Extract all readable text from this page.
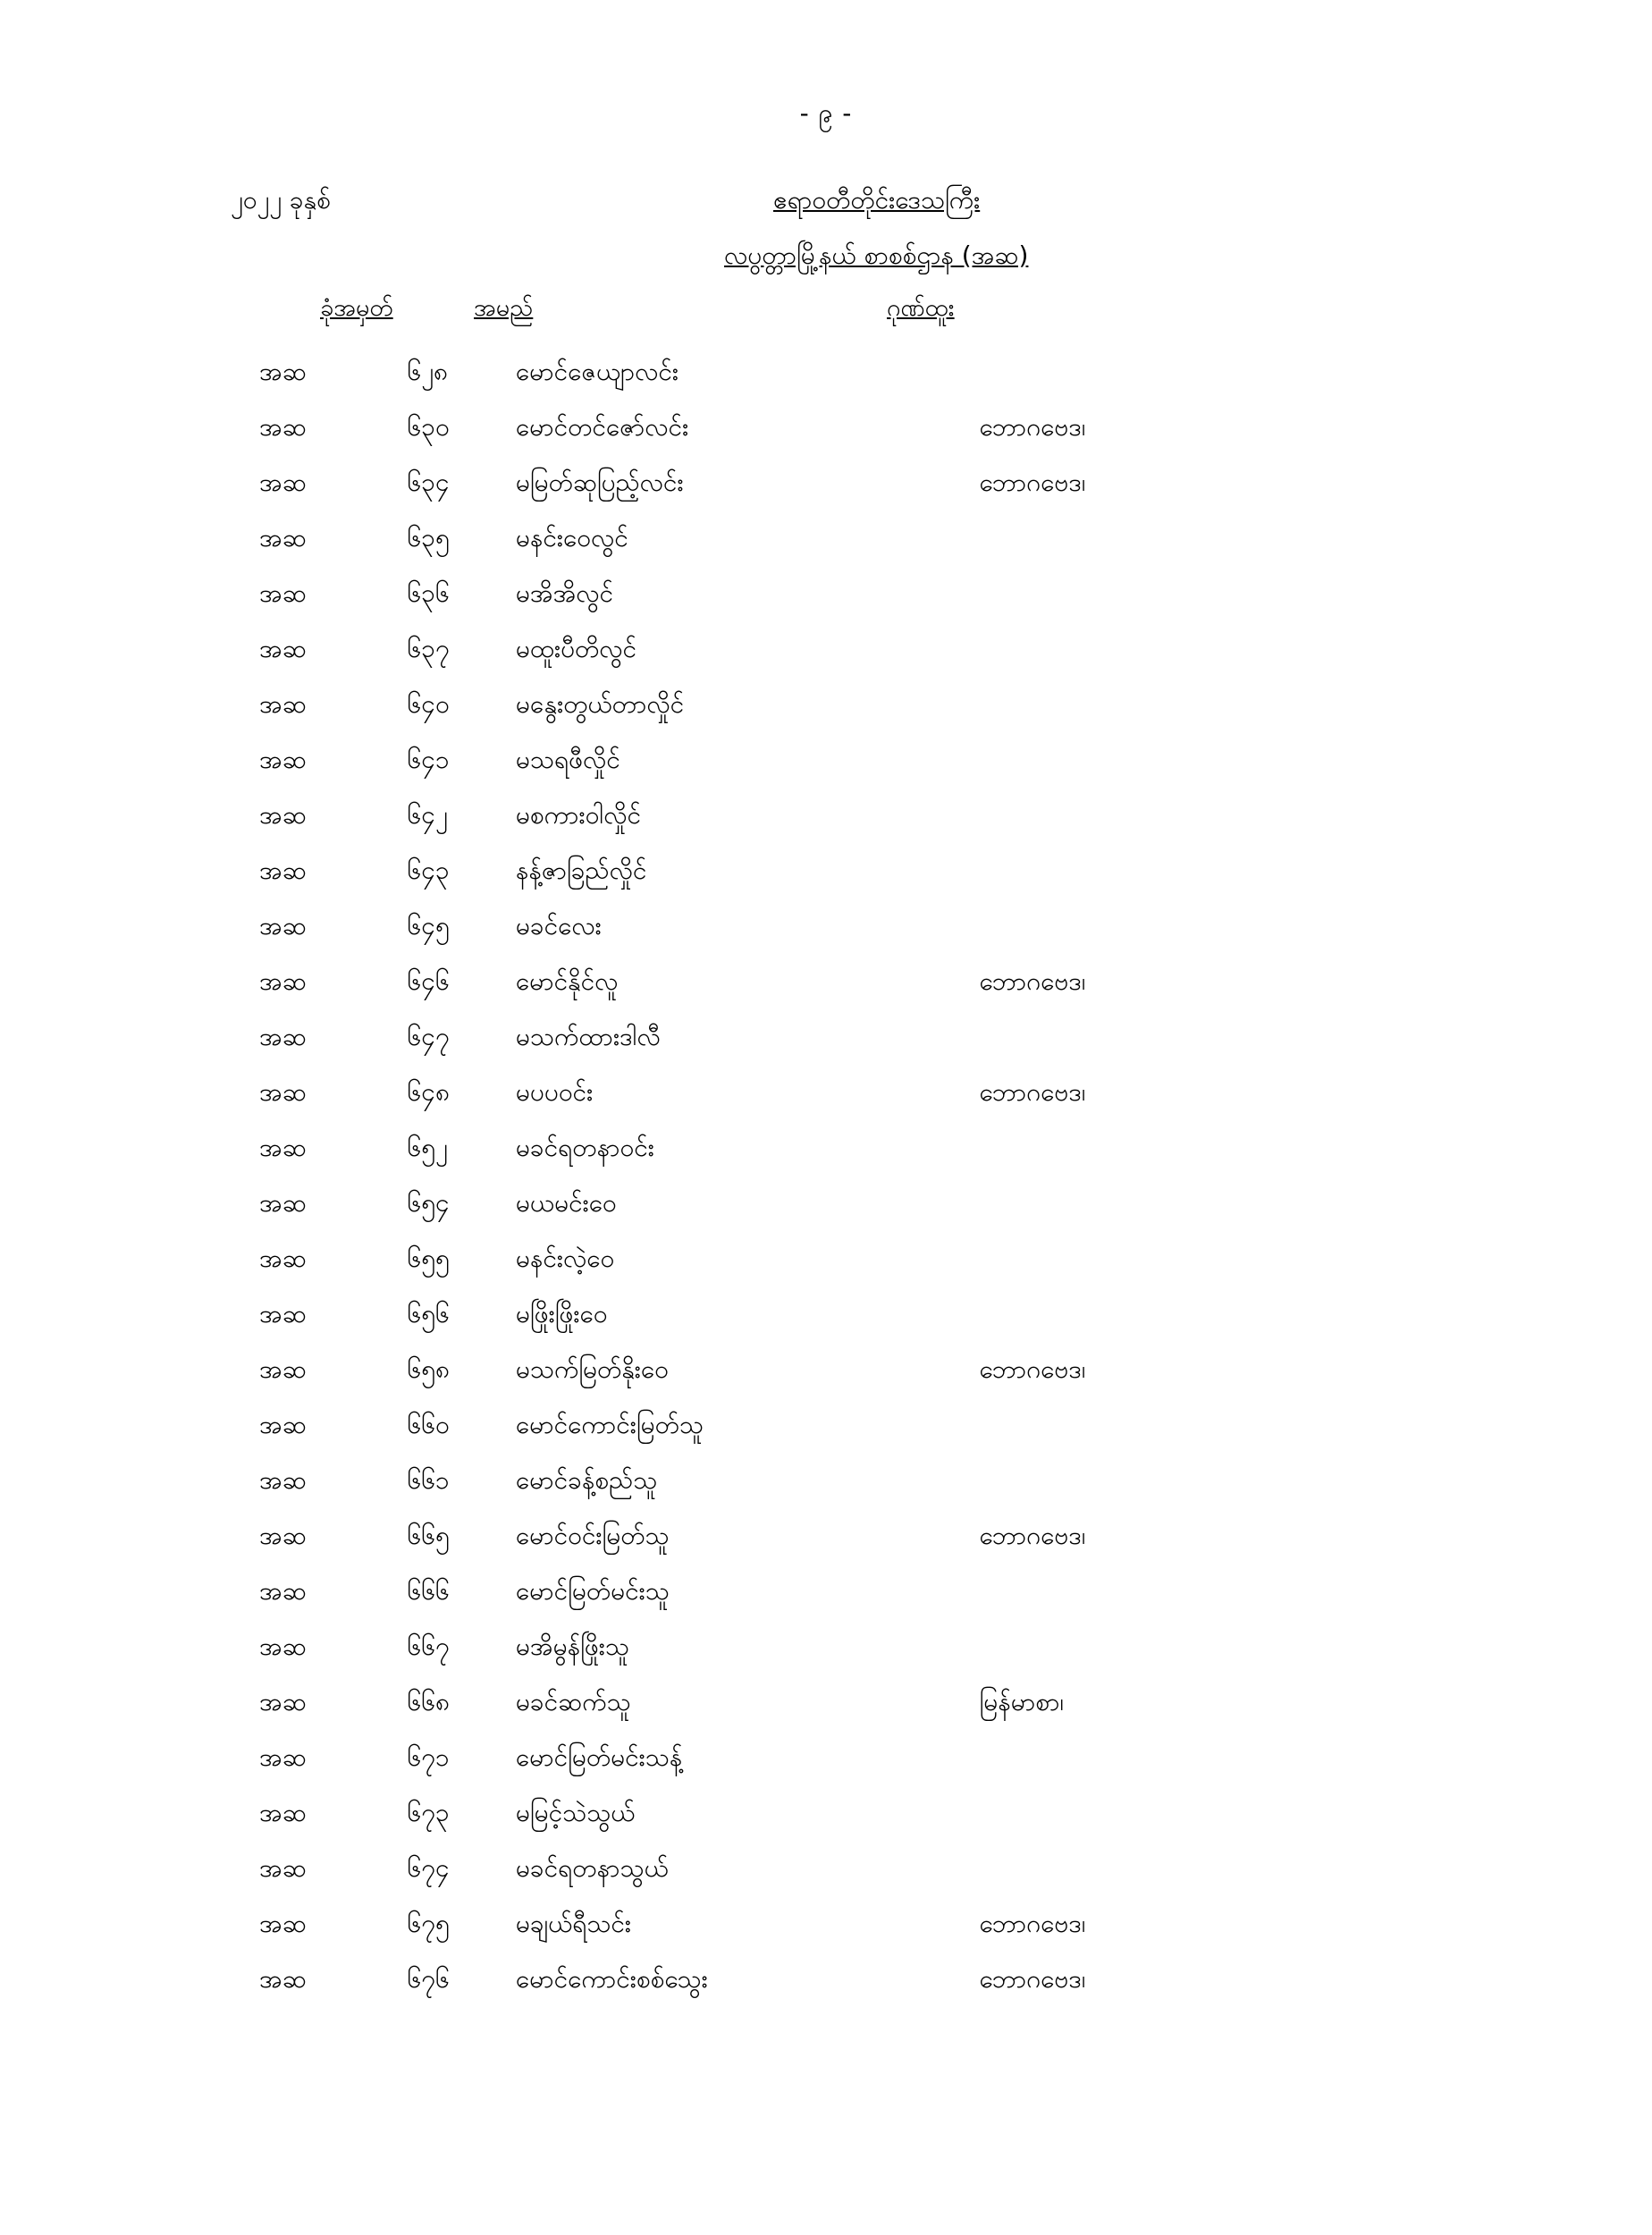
- ၉ -
၂၀၂၂ ခုနှစ်	ဧရာဝတီတိုင်းဒေသကြီး
လပွတ္တာမြို့နယ် စာစစ်ဌာန (အဆ)
ခုံအမှတ်	အမည်	ဂုဏ်ထူး
အဆ	၆၂၈	မောင်ဇေယျာလင်း	
အဆ	၆၃၀	မောင်တင်ဇော်လင်း	ဘောဂဗေဒ၊
အဆ	၆၃၄	မမြတ်ဆုပြည့်လင်း	ဘောဂဗေဒ၊
အဆ	၆၃၅	မနင်းဝေလွင်	
အဆ	၆၃၆	မအိအိလွင်	
အဆ	၆၃၇	မထူးပီတိလွင်	
အဆ	၆၄၀	မနွေးတွယ်တာလှိုင်	
အဆ	၆၄၁	မသရဖီလှိုင်	
အဆ	၆၄၂	မစကားဝါလှိုင်	
အဆ	၆၄၃	နန့်ဇာခြည်လှိုင်	
အဆ	၆၄၅	မခင်လေး	
အဆ	၆၄၆	မောင်နိုင်လူ	ဘောဂဗေဒ၊
အဆ	၆၄၇	မသက်ထားဒါလီ	
အဆ	၆၄၈	မပပဝင်း	ဘောဂဗေဒ၊
အဆ	၆၅၂	မခင်ရတနာဝင်း	
အဆ	၆၅၄	မယမင်းဝေ	
အဆ	၆၅၅	မနင်းလဲ့ဝေ	
အဆ	၆၅၆	မဖြိုးဖြိုးဝေ	
အဆ	၆၅၈	မသက်မြတ်နိုးဝေ	ဘောဂဗေဒ၊
အဆ	၆၆၀	မောင်ကောင်းမြတ်သူ	
အဆ	၆၆၁	မောင်ခန့်စည်သူ	
အဆ	၆၆၅	မောင်ဝင်းမြတ်သူ	ဘောဂဗေဒ၊
အဆ	၆၆၆	မောင်မြတ်မင်းသူ	
အဆ	၆၆၇	မအိမွန်ဖြိုးသူ	
အဆ	၆၆၈	မခင်ဆက်သူ	မြန်မာစာ၊
အဆ	၆၇၁	မောင်မြတ်မင်းသန့်	
အဆ	၆၇၃	မမြင့်သဲသွယ်	
အဆ	၆၇၄	မခင်ရတနာသွယ်	
အဆ	၆၇၅	မချယ်ရီသင်း	ဘောဂဗေဒ၊
အဆ	၆၇၆	မောင်ကောင်းစစ်သွေး	ဘောဂဗေဒ၊
